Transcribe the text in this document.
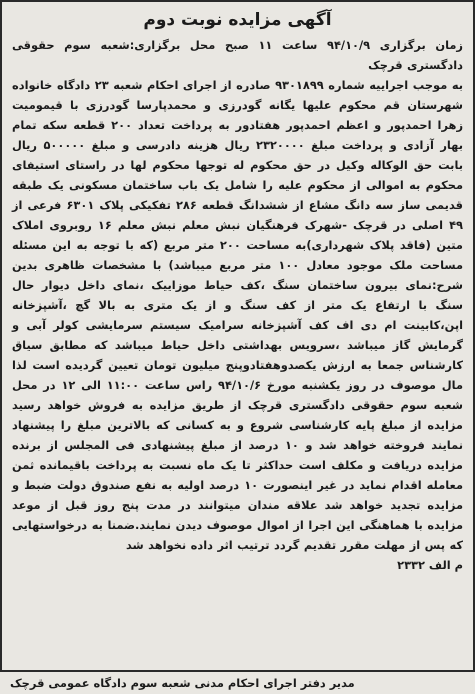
آگهی مزایده نوبت دوم

زمان برگزاری ۹۴/۱۰/۹ ساعت ۱۱ صبح محل برگزاری:شعبه سوم حقوقی دادگستری قرچک

به موجب اجراییه شماره ۹۳۰۱۸۹۹ صادره از اجرای احکام شعبه ۲۳ دادگاه خانواده شهرستان قم محکوم علیها یگانه گودرزی و محمدپارسا گودرزی با قیمومیت زهرا احمدپور و اعظم احمدپور هفتادور به پرداخت تعداد ۲۰۰ قطعه سکه تمام بهار آزادی و پرداخت مبلغ ۲۳۲۰۰۰۰ ریال هزینه دادرسی و مبلغ ۵۰۰۰۰۰ ریال بابت حق الوکاله وکیل در حق محکوم له توجها محکوم لها در راستای استیفای محکوم به اموالی از محکوم علیه را شامل یک باب ساختمان مسکونی یک طبقه قدیمی ساز سه دانگ مشاع از ششدانگ قطعه ۲۸۶ تفکیکی پلاک ۶۳۰۱ فرعی از ۴۹ اصلی در قرچک -شهرک فرهنگیان نبش معلم نبش معلم ۱۶ روبروی املاک متین (فاقد پلاک شهرداری)به مساحت ۲۰۰ متر مربع (که با توجه به این مسئله مساحت ملک موجود معادل ۱۰۰ متر مربع میباشد) با مشخصات ظاهری بدین شرح:نمای بیرون ساختمان سنگ ،کف حیاط موزاییک ،نمای داخل دیوار حال سنگ با ارتفاع یک متر از کف سنگ و از یک متری به بالا گچ ،آشپزخانه اپن،کابینت ام دی اف کف آشپزخانه سرامیک سیستم سرمایشی کولر آبی و گرمایش گاز میباشد ،سرویس بهداشتی داخل حیاط میباشد که مطابق سیاق کارشناس جمعا به ارزش یکصدوهفتادوپنج میلیون تومان تعیین گردیده است لذا مال موصوف در روز یکشنبه مورخ ۹۴/۱۰/۶ راس ساعت ۱۱:۰۰ الی ۱۲ در محل شعبه سوم حقوقی دادگستری قرچک از طریق مزایده به فروش خواهد رسید مزایده از مبلغ پایه کارشناسی شروع و به کسانی که بالاترین مبلغ را پیشنهاد نمایند فروخته خواهد شد و ۱۰ درصد از مبلغ پیشنهادی فی المجلس از برنده مزایده دریافت و مکلف است حداکثر تا یک ماه نسبت به پرداخت باقیمانده ثمن معامله اقدام نماید در غیر اینصورت ۱۰ درصد اولیه به نفع صندوق دولت ضبط و مزایده تجدید خواهد شد علاقه مندان میتوانند در مدت پنج روز قبل از موعد مزایده با هماهنگی این اجرا از اموال موصوف دیدن نمایند.ضمنا به درخواستهایی که پس از مهلت مقرر تقدیم گردد ترتیب اثر داده نخواهد شد

م الف ۲۳۳۲
مدیر دفتر اجرای احکام مدنی شعبه سوم دادگاه عمومی قرچک
